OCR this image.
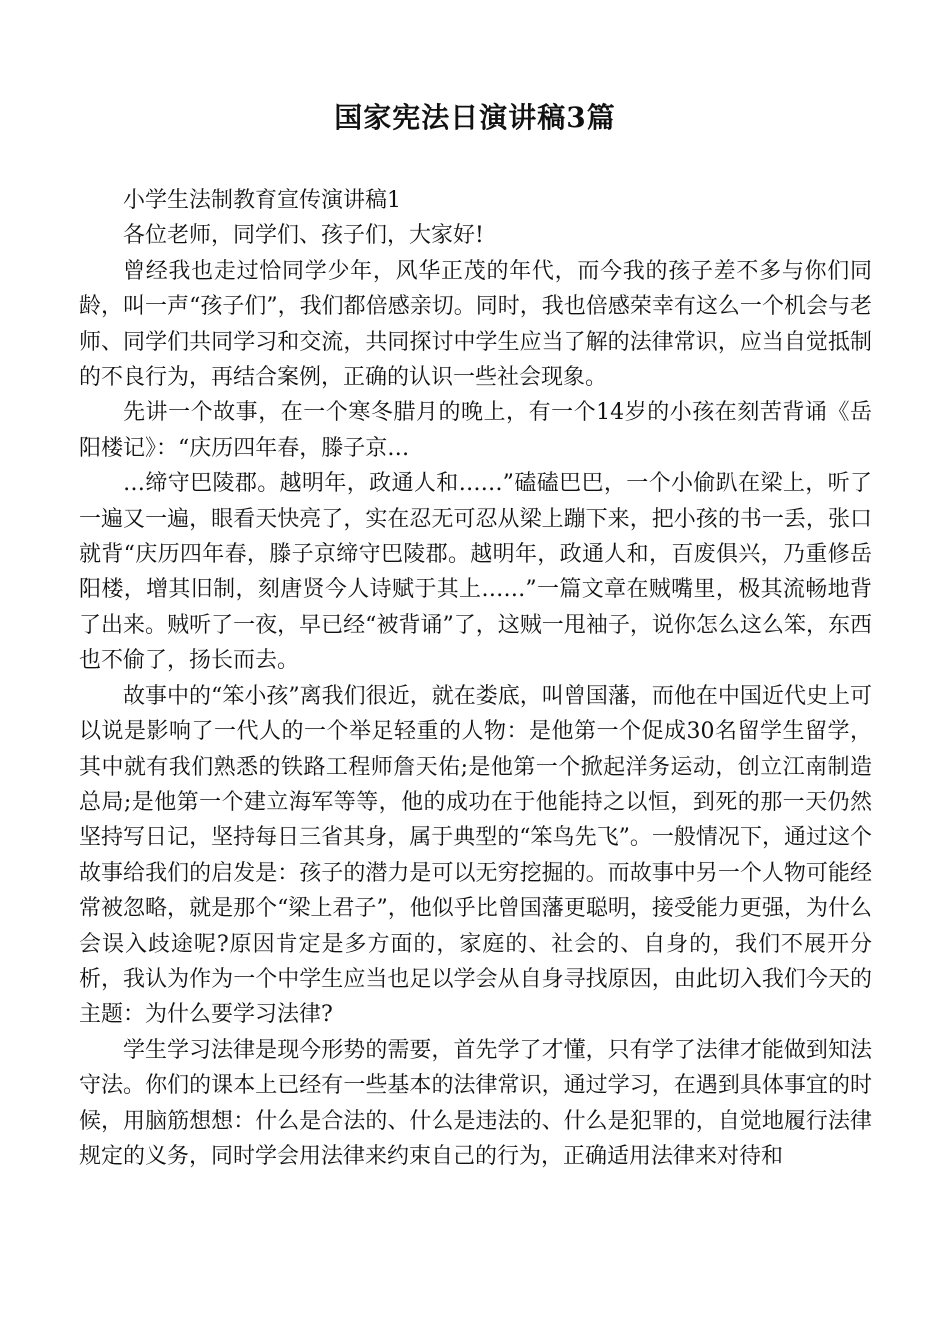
国家宪法日演讲稿3篇

小学生法制教育宣传演讲稿1

各位老师，同学们、孩子们，大家好!

曾经我也走过恰同学少年，风华正茂的年代，而今我的孩子差不多与你们同龄，叫一声“孩子们”，我们都倍感亲切。同时，我也倍感荣幸有这么一个机会与老师、同学们共同学习和交流，共同探讨中学生应当了解的法律常识，应当自觉抵制的不良行为，再结合案例，正确的认识一些社会现象。

先讲一个故事，在一个寒冬腊月的晚上，有一个14岁的小孩在刻苦背诵《岳阳楼记》：“庆历四年春，滕子京…

…缔守巴陵郡。越明年，政通人和……”磕磕巴巴，一个小偷趴在梁上，听了一遍又一遍，眼看天快亮了，实在忍无可忍从梁上蹦下来，把小孩的书一丢，张口就背“庆历四年春，滕子京缔守巴陵郡。越明年，政通人和，百废俱兴，乃重修岳阳楼，增其旧制，刻唐贤今人诗赋于其上……”一篇文章在贼嘴里，极其流畅地背了出来。贼听了一夜，早已经“被背诵”了，这贼一甩袖子，说你怎么这么笨，东西也不偷了，扬长而去。

故事中的“笨小孩”离我们很近，就在娄底，叫曾国藩，而他在中国近代史上可以说是影响了一代人的一个举足轻重的人物：是他第一个促成30名留学生留学，其中就有我们熟悉的铁路工程师詹天佑;是他第一个掀起洋务运动，创立江南制造总局;是他第一个建立海军等等，他的成功在于他能持之以恒，到死的那一天仍然坚持写日记，坚持每日三省其身，属于典型的“笨鸟先飞”。一般情况下，通过这个故事给我们的启发是：孩子的潜力是可以无穷挖掘的。而故事中另一个人物可能经常被忽略，就是那个“梁上君子”，他似乎比曾国藩更聪明，接受能力更强，为什么会误入歧途呢?原因肯定是多方面的，家庭的、社会的、自身的，我们不展开分析，我认为作为一个中学生应当也足以学会从自身寻找原因，由此切入我们今天的主题：为什么要学习法律?

学生学习法律是现今形势的需要，首先学了才懂，只有学了法律才能做到知法守法。你们的课本上已经有一些基本的法律常识，通过学习，在遇到具体事宜的时候，用脑筋想想：什么是合法的、什么是违法的、什么是犯罪的，自觉地履行法律规定的义务，同时学会用法律来约束自己的行为，正确适用法律来对待和
